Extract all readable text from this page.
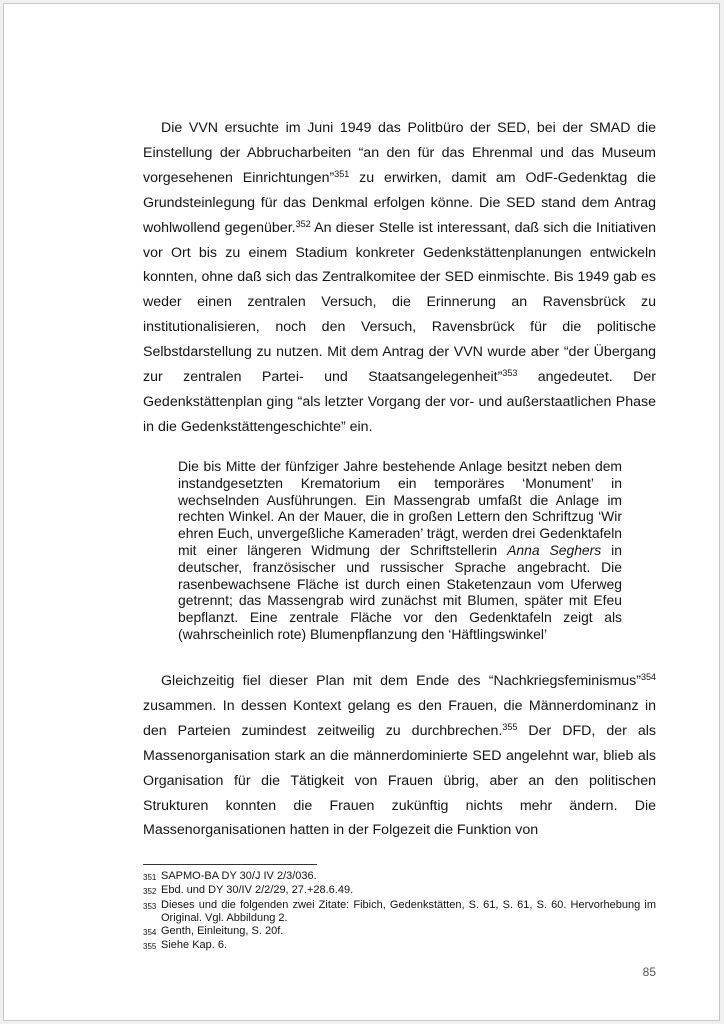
Die VVN ersuchte im Juni 1949 das Politbüro der SED, bei der SMAD die Einstellung der Abbrucharbeiten “an den für das Ehrenmal und das Museum vorgesehenen Einrichtungen”$^{351}$ zu erwirken, damit am OdF-Gedenktag die Grundsteinlegung für das Denkmal erfolgen könne. Die SED stand dem Antrag wohlwollend gegenüber.$^{352}$ An dieser Stelle ist interessant, daß sich die Initiativen vor Ort bis zu einem Stadium konkreter Gedenkstättenplanungen entwickeln konnten, ohne daß sich das Zentralkomitee der SED einmischte. Bis 1949 gab es weder einen zentralen Versuch, die Erinnerung an Ravensbrück zu institutionalisieren, noch den Versuch, Ravensbrück für die politische Selbstdarstellung zu nutzen. Mit dem Antrag der VVN wurde aber “der Übergang zur zentralen Partei- und Staatsangelegenheit”$^{353}$ angedeutet. Der Gedenkstättenplan ging “als letzter Vorgang der vor- und außerstaatlichen Phase in die Gedenkstättengeschichte” ein.

Die bis Mitte der fünfziger Jahre bestehende Anlage besitzt neben dem instandgesetzten Krematorium ein temporäres ‘Monument’ in wechselnden Ausführungen. Ein Massengrab umfaßt die Anlage im rechten Winkel. An der Mauer, die in großen Lettern den Schriftzug ‘Wir ehren Euch, unvergeßliche Kameraden’ trägt, werden drei Gedenktafeln mit einer längeren Widmung der Schriftstellerin Anna Seghers in deutscher, französischer und russischer Sprache angebracht. Die rasenbewachsene Fläche ist durch einen Staketenzaun vom Uferweg getrennt; das Massengrab wird zunächst mit Blumen, später mit Efeu bepflanzt. Eine zentrale Fläche vor den Gedenktafeln zeigt als (wahrscheinlich rote) Blumenpflanzung den ‘Häftlingswinkel’

Gleichzeitig fiel dieser Plan mit dem Ende des “Nachkriegsfeminismus”$^{354}$ zusammen. In dessen Kontext gelang es den Frauen, die Männerdominanz in den Parteien zumindest zeitweilig zu durchbrechen.$^{355}$ Der DFD, der als Massenorganisation stark an die männerdominierte SED angelehnt war, blieb als Organisation für die Tätigkeit von Frauen übrig, aber an den politischen Strukturen konnten die Frauen zukünftig nichts mehr ändern. Die Massenorganisationen hatten in der Folgezeit die Funktion von

351 SAPMO-BA DY 30/J IV 2/3/036.
352 Ebd. und DY 30/IV 2/2/29, 27.+28.6.49.
353 Dieses und die folgenden zwei Zitate: Fibich, Gedenkstätten, S. 61, S. 61, S. 60. Hervorhebung im Original. Vgl. Abbildung 2.
354 Genth, Einleitung, S. 20f.
355 Siehe Kap. 6.
85
